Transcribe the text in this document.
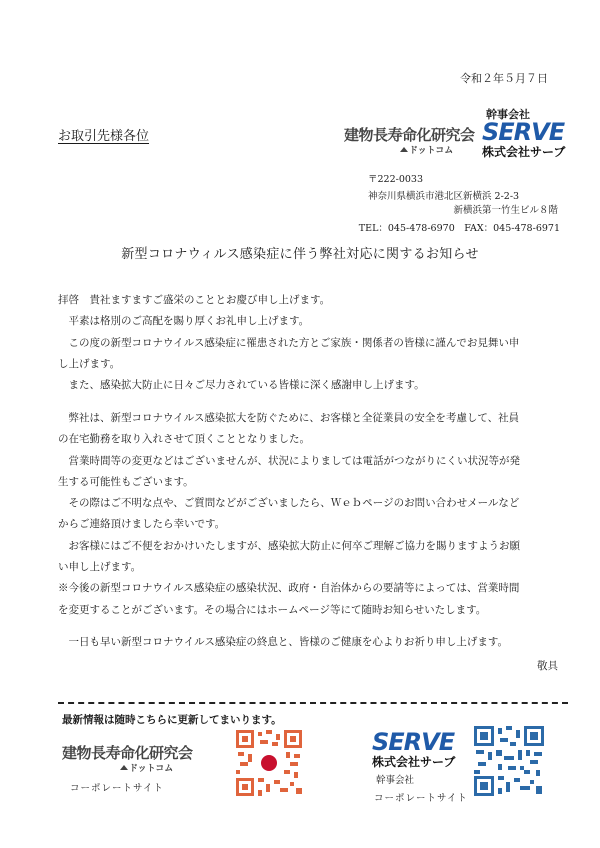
令和２年５月７日
お取引先様各位	建物長寿命化研究会
ドットコム
幹事会社
SERVE
株式会社サーブ
〒222-0033
神奈川県横浜市港北区新横浜 2-2-3
新横浜第一竹生ビル８階
TEL：045-478-6970　FAX：045-478-6971
新型コロナウィルス感染症に伴う弊社対応に関するお知らせ

拝啓　貴社ますますご盛栄のこととお慶び申し上げます。

　平素は格別のご高配を賜り厚くお礼申し上げます。

　この度の新型コロナウイルス感染症に罹患された方とご家族・関係者の皆様に謹んでお見舞い申

し上げます。

　また、感染拡大防止に日々ご尽力されている皆様に深く感謝申し上げます。

　弊社は、新型コロナウイルス感染拡大を防ぐために、お客様と全従業員の安全を考慮して、社員

の在宅勤務を取り入れさせて頂くこととなりました。

　営業時間等の変更などはございませんが、状況によりましては電話がつながりにくい状況等が発

生する可能性もございます。

　その際はご不明な点や、ご質問などがございましたら、Ｗｅｂページのお問い合わせメールなど

からご連絡頂けましたら幸いです。

　お客様にはご不便をおかけいたしますが、感染拡大防止に何卒ご理解ご協力を賜りますようお願

い申し上げます。

※今後の新型コロナウイルス感染症の感染状況、政府・自治体からの要請等によっては、営業時間

を変更することがございます。その場合にはホームページ等にて随時お知らせいたします。

　一日も早い新型コロナウイルス感染症の終息と、皆様のご健康を心よりお祈り申し上げます。

敬具
最新情報は随時こちらに更新してまいります。
建物長寿命化研究会
ドットコム
コーポレートサイト
SERVE
株式会社サーブ
幹事会社
コーポレートサイト
